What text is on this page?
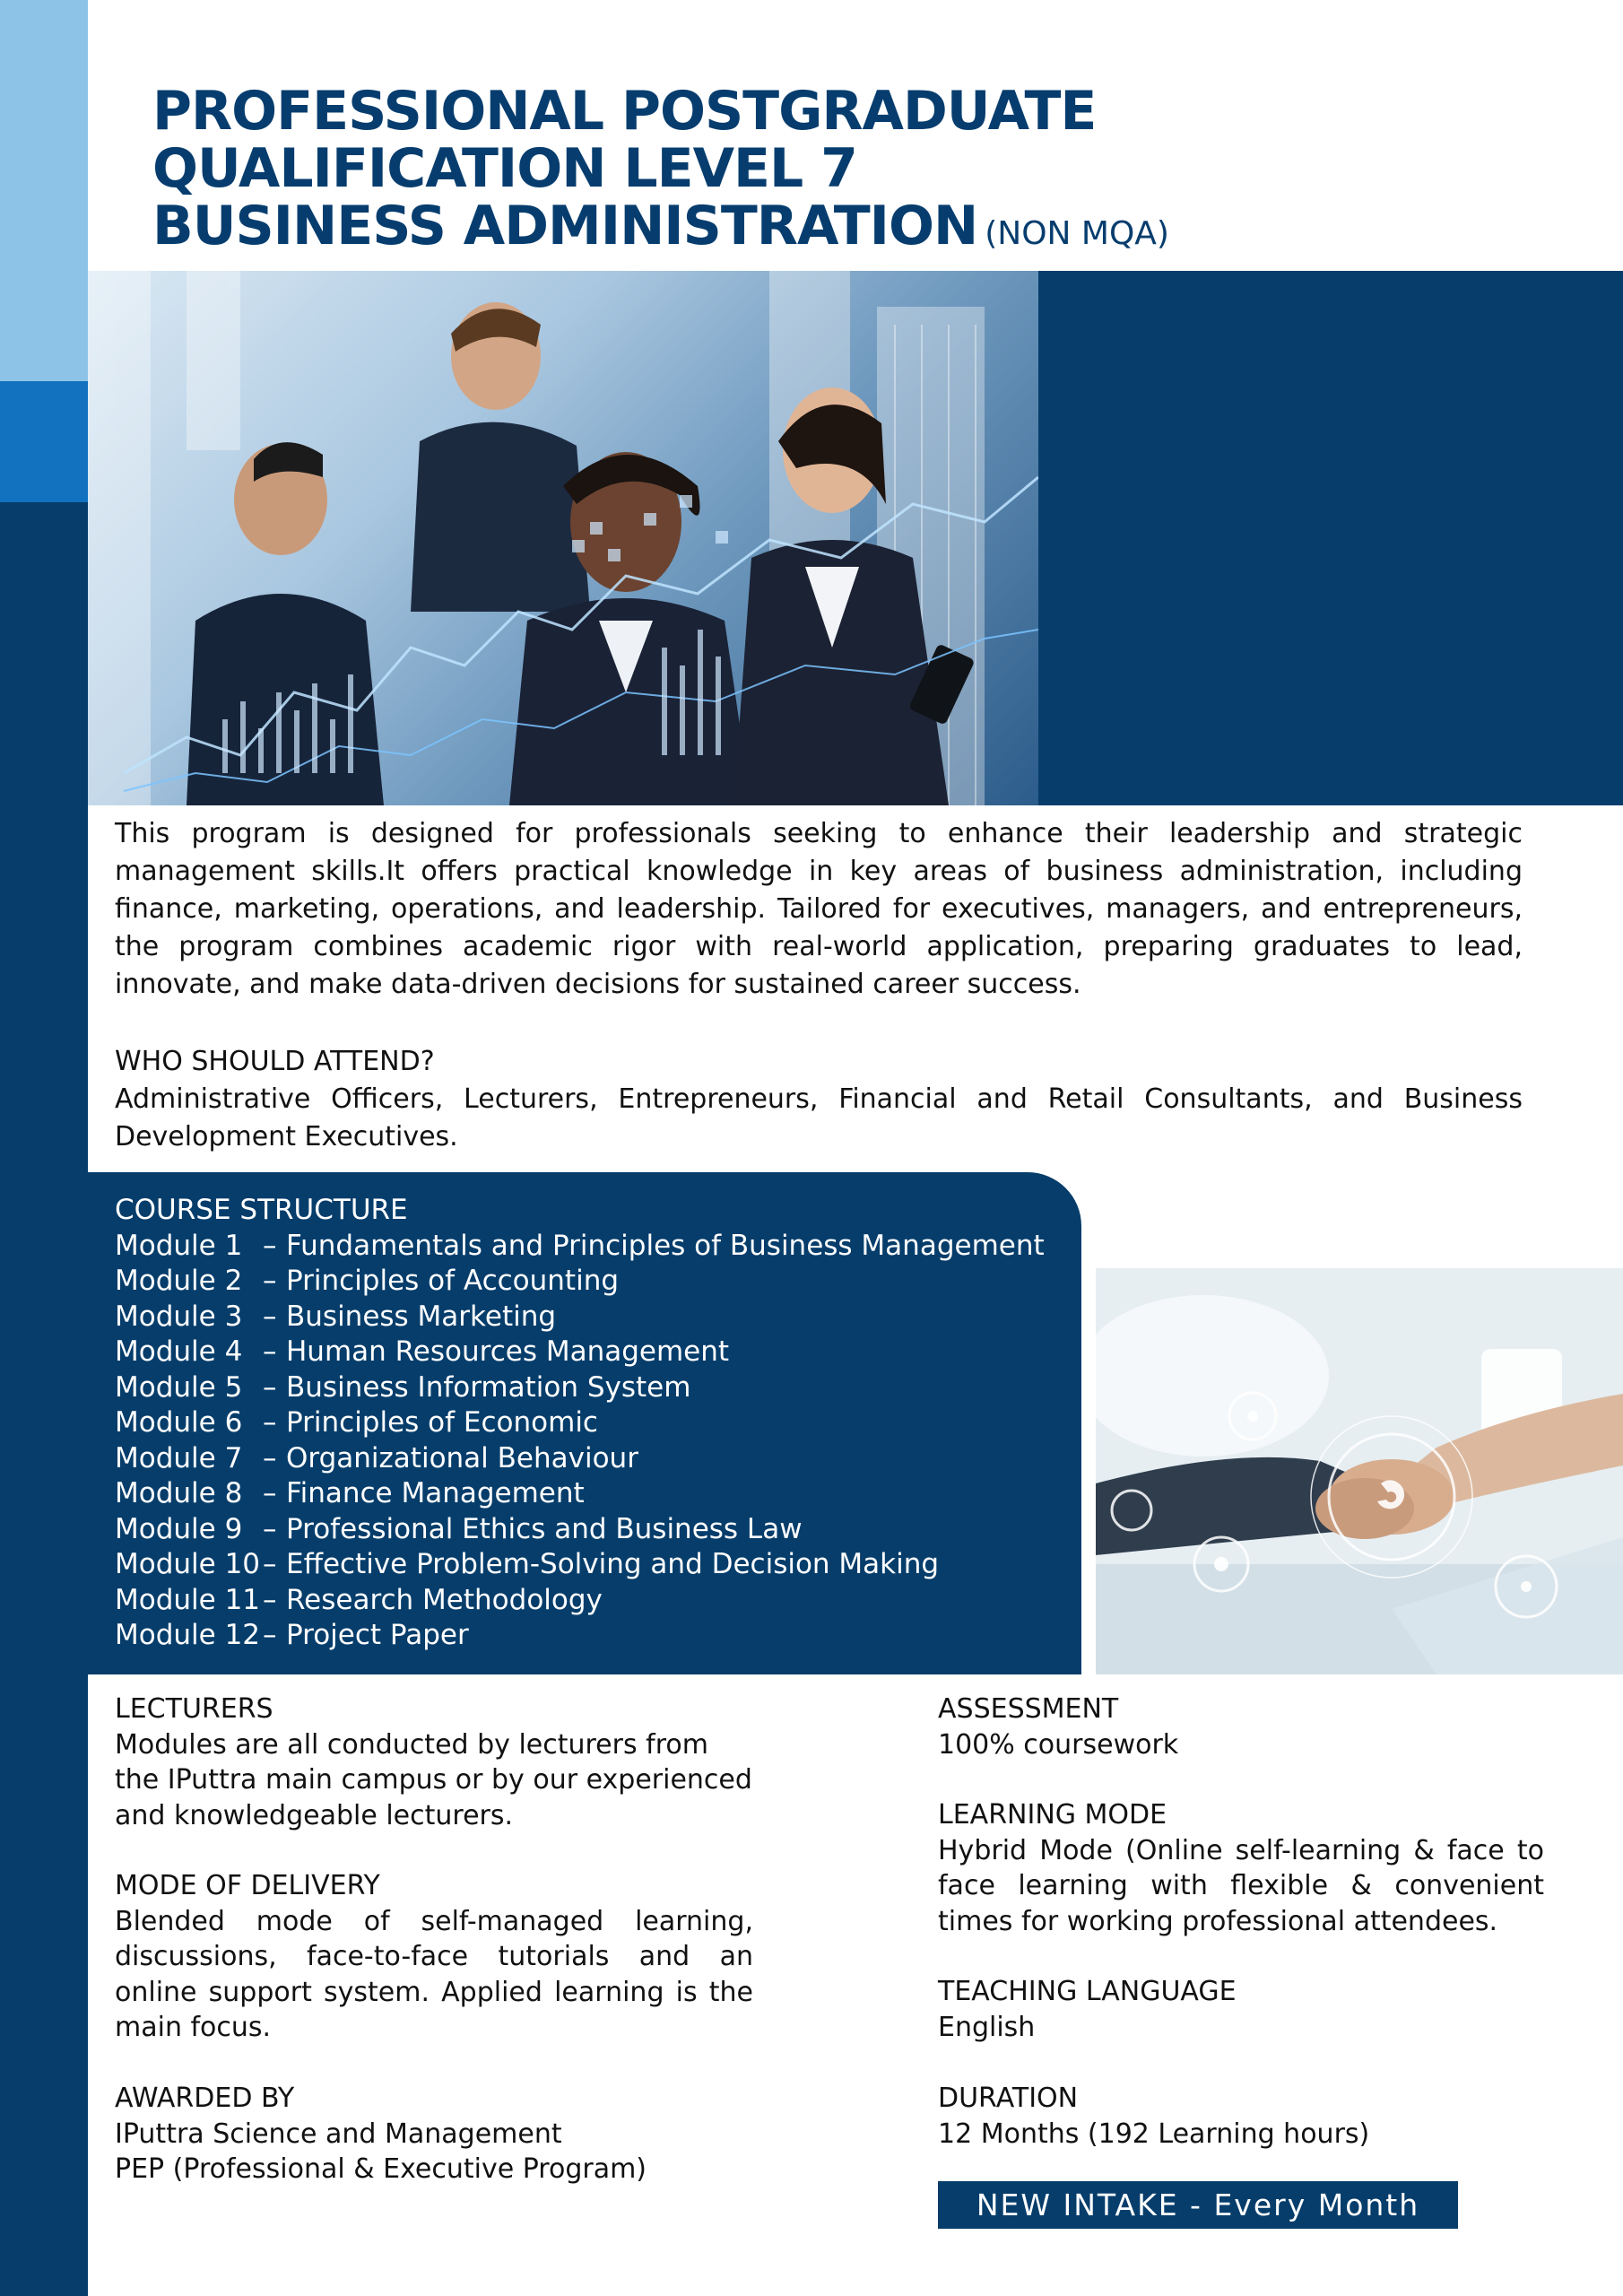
PROFESSIONAL POSTGRADUATE
QUALIFICATION LEVEL 7
BUSINESS ADMINISTRATION (NON MQA)
This program is designed for professionals seeking to enhance their leadership and strategic management skills.It offers practical knowledge in key areas of business administration, including finance, marketing, operations, and leadership. Tailored for executives, managers, and entrepreneurs, the program combines academic rigor with real-world application, preparing graduates to lead, innovate, and make data-driven decisions for sustained career success.
WHO SHOULD ATTEND?
Administrative Officers, Lecturers, Entrepreneurs, Financial and Retail Consultants, and Business Development Executives.
COURSE STRUCTURE
Module 1 – Fundamentals and Principles of Business Management
Module 2 – Principles of Accounting
Module 3 – Business Marketing
Module 4 – Human Resources Management
Module 5 – Business Information System
Module 6 – Principles of Economic
Module 7 – Organizational Behaviour
Module 8 – Finance Management
Module 9 – Professional Ethics and Business Law
Module 10 – Effective Problem-Solving and Decision Making
Module 11 – Research Methodology
Module 12 – Project Paper
LECTURERS
Modules are all conducted by lecturers from the IPuttra main campus or by our experienced and knowledgeable lecturers.
MODE OF DELIVERY
Blended mode of self-managed learning, discussions, face-to-face tutorials and an online support system. Applied learning is the main focus.
AWARDED BY
IPuttra Science and Management
PEP (Professional & Executive Program)
ASSESSMENT
100% coursework
LEARNING MODE
Hybrid Mode (Online self-learning & face to face learning with flexible & convenient times for working professional attendees.
TEACHING LANGUAGE
English
DURATION
12 Months (192 Learning hours)
NEW INTAKE - Every Month
